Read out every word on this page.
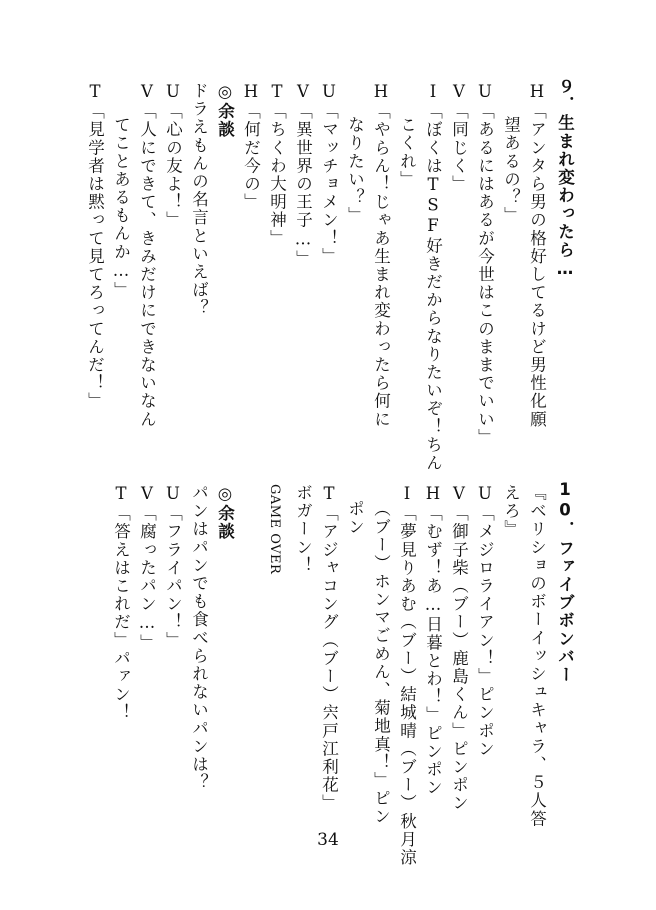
９．生まれ変わったら…
H「アンタら男の格好してるけど男性化願
　望あるの？」
U「あるにはあるが今世はこのままでいい」
V「同じく」
I「ぼくはTSF好きだからなりたいぞ！ちん
　こくれ」
H「やらん！じゃあ生まれ変わったら何に
　なりたい？」
U「マッチョメン！」
V「異世界の王子…」
T「ちくわ大明神」
H「何だ今の」
◎余談
ドラえもんの名言といえば？
U「心の友よ！」
V「人にできて、きみだけにできないなん
　てことあるもんか…」
T「見学者は黙って見てろってんだ！」
10．ファイブボンバー
『ベリショのボーイッシュキャラ、５人答
えろ』
U「メジロライアン！」ピンポン
V「御子柴（ブー）鹿島くん」ピンポン
H「むず！あ…日暮とわ！」ピンポン
I「夢見りあむ（ブー）結城晴（ブー）秋月涼
（ブー）ホンマごめん、菊地真！」ピン
ポン
T「アジャコング（ブー）宍戸江利花」
ボガーン！
GAME OVER
◎余談
パンはパンでも食べられないパンは？
U「フライパン！」
V「腐ったパン…」
T「答えはこれだ」パァン！
34
